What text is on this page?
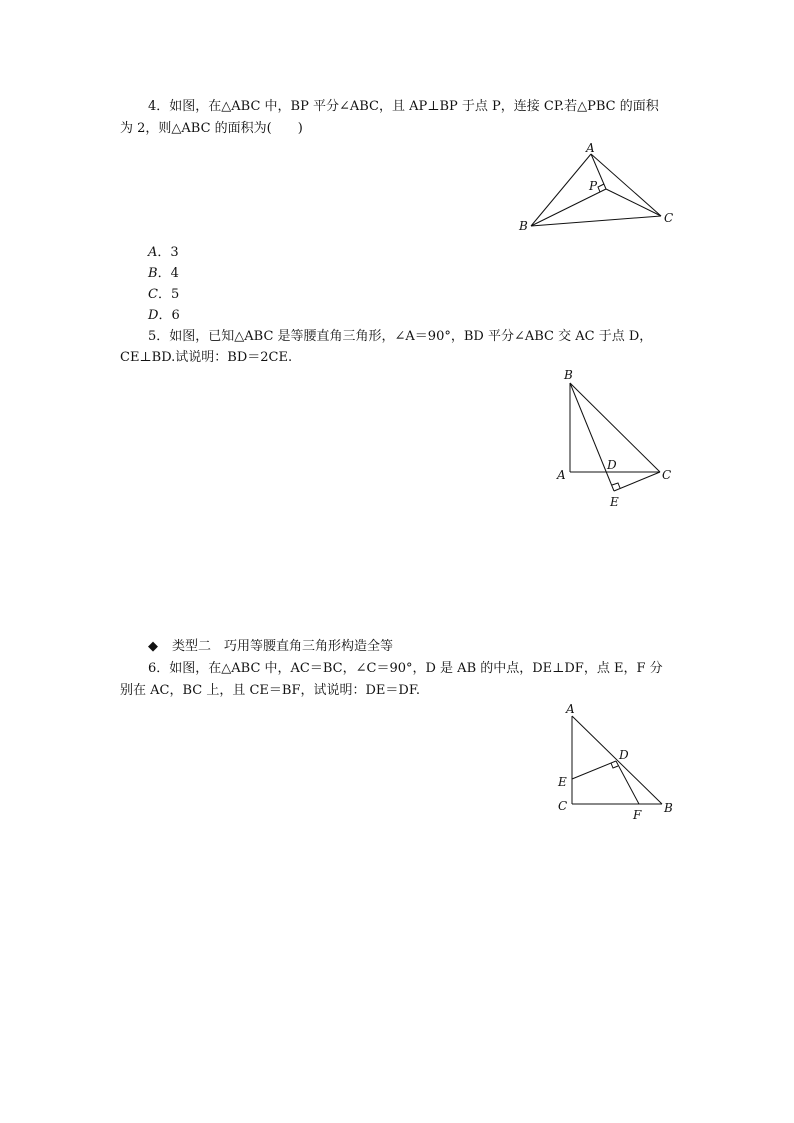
4．如图，在△ABC 中，BP 平分∠ABC，且 AP⊥BP 于点 P，连接 CP.若△PBC 的面积
为 2，则△ABC 的面积为(　　)
A
B
C
P
A．3
B．4
C．5
D．6
5．如图，已知△ABC 是等腰直角三角形，∠A＝90°，BD 平分∠ABC 交 AC 于点 D，
CE⊥BD.试说明：BD＝2CE.
B
A
D
C
E
◆ 类型二　巧用等腰直角三角形构造全等
6．如图，在△ABC 中，AC＝BC，∠C＝90°，D 是 AB 的中点，DE⊥DF，点 E，F 分
别在 AC，BC 上，且 CE＝BF，试说明：DE＝DF.
A
D
E
C
F B
